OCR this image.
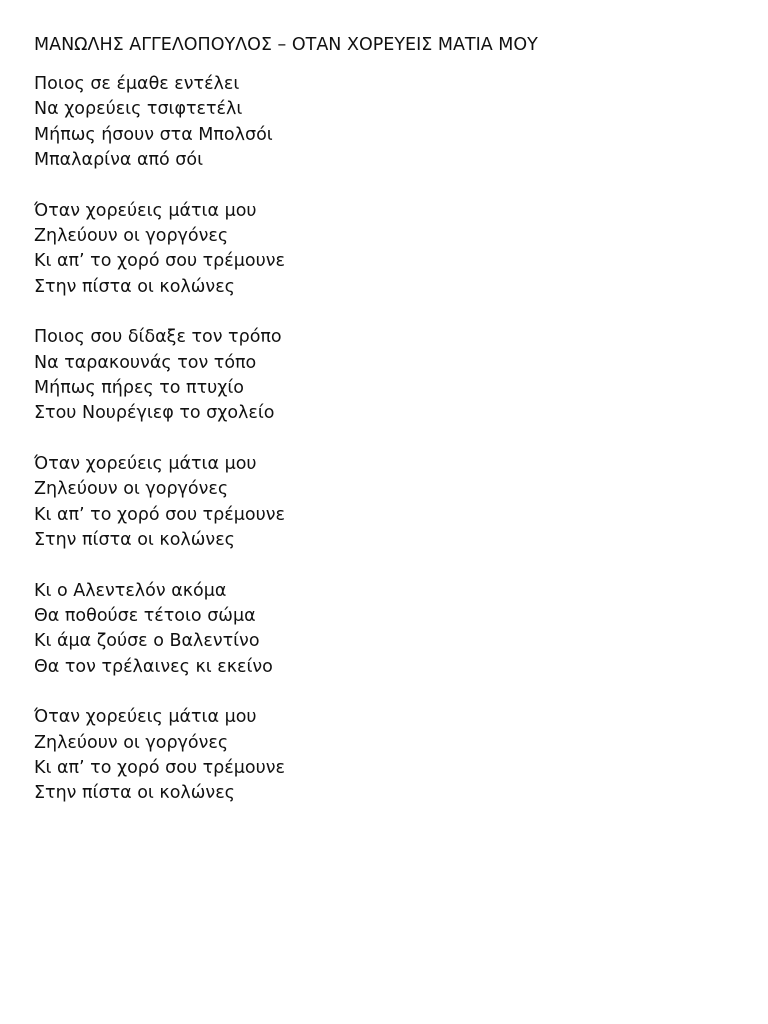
ΜΑΝΩΛΗΣ ΑΓΓΕΛΟΠΟΥΛΟΣ – ΟΤΑΝ ΧΟΡΕΥΕΙΣ ΜΑΤΙΑ ΜΟΥ
Ποιος σε έμαθε εντέλει
Να χορεύεις τσιφτετέλι
Μήπως ήσουν στα Μπολσόι
Μπαλαρίνα από σόι
Όταν χορεύεις μάτια μου
Ζηλεύουν οι γοργόνες
Κι απ’ το χορό σου τρέμουνε
Στην πίστα οι κολώνες
Ποιος σου δίδαξε τον τρόπο
Να ταρακουνάς τον τόπο
Μήπως πήρες το πτυχίο
Στου Νουρέγιεφ το σχολείο
Όταν χορεύεις μάτια μου
Ζηλεύουν οι γοργόνες
Κι απ’ το χορό σου τρέμουνε
Στην πίστα οι κολώνες
Κι ο Αλεντελόν ακόμα
Θα ποθούσε τέτοιο σώμα
Κι άμα ζούσε ο Βαλεντίνο
Θα τον τρέλαινες κι εκείνο
Όταν χορεύεις μάτια μου
Ζηλεύουν οι γοργόνες
Κι απ’ το χορό σου τρέμουνε
Στην πίστα οι κολώνες
